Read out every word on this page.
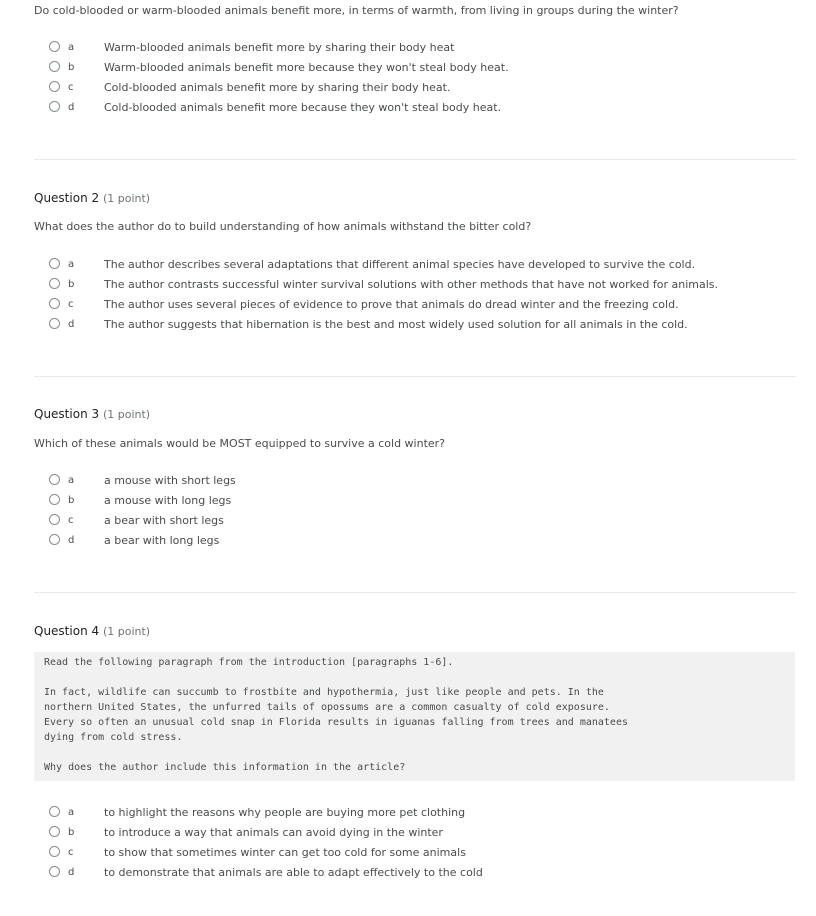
Do cold-blooded or warm-blooded animals benefit more, in terms of warmth, from living in groups during the winter?
a	Warm-blooded animals benefit more by sharing their body heat
b	Warm-blooded animals benefit more because they won't steal body heat.
c	Cold-blooded animals benefit more by sharing their body heat.
d	Cold-blooded animals benefit more because they won't steal body heat.
Question 2 (1 point)
What does the author do to build understanding of how animals withstand the bitter cold?
a	The author describes several adaptations that different animal species have developed to survive the cold.
b	The author contrasts successful winter survival solutions with other methods that have not worked for animals.
c	The author uses several pieces of evidence to prove that animals do dread winter and the freezing cold.
d	The author suggests that hibernation is the best and most widely used solution for all animals in the cold.
Question 3 (1 point)
Which of these animals would be MOST equipped to survive a cold winter?
a	a mouse with short legs
b	a mouse with long legs
c	a bear with short legs
d	a bear with long legs
Question 4 (1 point)
Read the following paragraph from the introduction [paragraphs 1-6].
In fact, wildlife can succumb to frostbite and hypothermia, just like people and pets. In the
northern United States, the unfurred tails of opossums are a common casualty of cold exposure.
Every so often an unusual cold snap in Florida results in iguanas falling from trees and manatees
dying from cold stress.
Why does the author include this information in the article?
a	to highlight the reasons why people are buying more pet clothing
b	to introduce a way that animals can avoid dying in the winter
c	to show that sometimes winter can get too cold for some animals
d	to demonstrate that animals are able to adapt effectively to the cold
